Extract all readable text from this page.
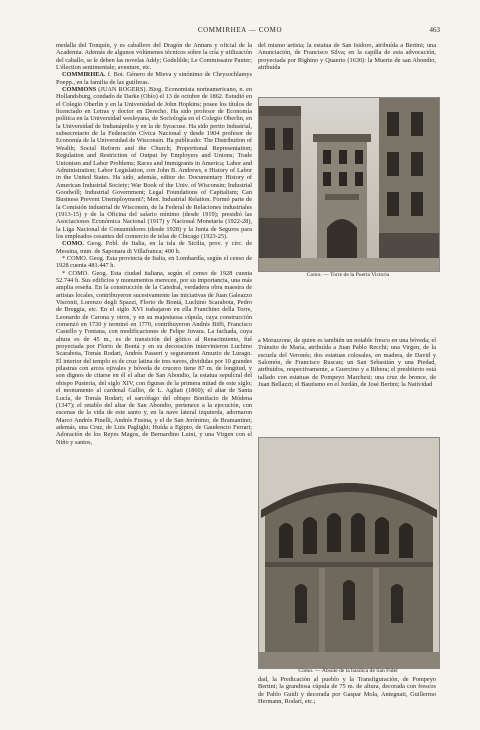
COMMIRHEA — COMO	463

medalla del Tonquín, y es caballero del Dragón de Annam y oficial de la Academia. Además de algunos volúmenes técnicos sobre la cría y utilización del caballo, se le deben las novelas Addy; Godelilde; Le Commissaire Panier; L'élection sentimentale; aventure, etc.

COMMIRHEA. f. Bot. Género de Mieva y sinónimo de Chrysochlamys Poepp., en la familia de las gutíferas.

COMMONS (JUAN ROGERS). Biog. Economista norteamericano, n. en Hollandsburg, condado de Darke (Ohío) el 13 de octubre de 1862. Estudió en el Colegio Oberlin y en la Universidad de John Hopkins; posee los títulos de licenciado en Letras y doctor en Derecho. Ha sido profesor de Economía política en la Universidad wesleyana, de Sociología en el Colegio Oberlin, en la Universidad de Indianápolis y en la de Syracuse. Ha sido perito industrial, subsecretario de la Federación Cívica Nacional y desde 1904 profesor de Economía de la Universidad de Wisconsin. Ha publicado: The Distribution of Wealth; Social Reform and the Church; Proportional Representation; Regulation and Restriction of Output by Employers and Unions; Trade Unionism and Labor Problems; Races and Immigrants in America; Labor and Administration; Labor Legislation, con John B. Andrews, e History of Labor in the United States. Ha sido, además, editor de: Documentary History of American Industrial Society; War Book of the Univ. of Wisconsin; Industrial Goodwill; Industrial Government; Legal Foundations of Capitalism; Can Business Prevent Unemployment?; Men. Industrial Relation. Formó parte de la Comisión industrial de Wisconsin, de la Federal de Relaciones industriales (1913-15) y de la Oficina del salario mínimo (desde 1919); presidió las Asociaciones Económica Nacional (1917) y Nacional Monetaria (1922-28), la Liga Nacional de Consumidores (desde 1928) y la Junta de Seguros para los empleados cesantes del comercio de telas de Chicago (1923-25).

COMO. Geog. Pobl. de Italia, en la isla de Sicilia, prov. y circ. de Messina, mun. de Saponara di Villafranca; 400 h.

* COMO. Geog. Esta provincia de Italia, en Lombardía, según el censo de 1928 cuenta 481.447 h.

* COMO. Geog. Esta ciudad italiana, según el censo de 1928 cuenta 52.744 h. Sus edificios y monumentos merecen, por su importancia, una más amplia reseña. En la construcción de la Catedral, verdadera obra maestra de artistas locales, contribuyeron sucesivamente las iniciativas de Juan Galeazzo Visconti, Lorenzo degli Spazzi, Florio de Bontá, Luchino Scarabota, Pedro de Breggia, etc. En el siglo XVI trabajaron en ella Franchino della Torre, Leonardo de Carona y otros, y en su majestuosa cúpula, cuya construcción comenzó en 1730 y terminó en 1770, contribuyeron Andrés Biffi, Francisco Castello y Fontana, con modificaciones de Felipe Juvara. La fachada, cuya altura es de 45 m., es de transición del gótico al Renacimiento, fué proyectada por Florio de Bontá y en su decoración intervinieron Luchino Scarabota, Tomás Rodari, Andrés Passeri y segurament Amuzio de Lurago. El interior del templo es de cruz latina de tres naves, divididas por 10 grandes pilastras con arcos ojivales y bóveda de crucero tiene 87 m. de longitud, y son dignos de citarse en él el altar de San Abondio, la estatua sepulcral del obispo Pusteria, del siglo XIV, con figuras de la primera mitad de este siglo; el monumento al cardenal Gallio, de L. Agliati (1860); el altar de Santa Lucía, de Tomás Rodari; el sarcófago del obispo Bonifacio de Módena (1347); el retablo del altar de San Abondio, pertenece a la ejecución, con escenas de la vida de este santo y, en la nave lateral izquierda, adornaron Marco Andrés Pinelli, Andrés Fusina, y el de San Jerónimo, de Bramantino; además, una Cruz, de Luis Paglighi; Huída a Egipto, de Gaudencio Ferrari; Adoración de los Reyes Magos, de Bernardino Luini, y una Virgen con el Niño y santos,

del mismo artista; la estatua de San Isidoro, atribuída a Bertini; una Anunciación, de Francisco Silva; en la capilla de esta advocación, proyectada por Righino y Quaerio (1630): la Muerte de san Abondio, atribuída

Como. — Torre de la Puerta Victoria

a Morazzone, de quien es también un notable fresco en una bóveda; el Tránsito de María, atribuída a Juan Pablo Recchi; una Virgen, de la escuela del Veronés; dos estatuas colosales, en madera, de David y Salomón, de Francisco Ruscau; un San Sebastián y una Piedad, atribuídos, respectivamente, a Guercino y a Ribera; el presbiterio está tallado con estatuas de Pompeyo Marchesi; una cruz de bronce, de Juan Bellazzi; el Bautismo en el Jordán, de José Bertini; la Natividad

Como. — Ábside de la basílica de San Fidel

dad, la Predicación al pueblo y la Transfiguración, de Pompeyo Bertini; la grandiosa cúpula de 75 m. de altura, decorada con frescos de Pablo Guidi y decorada por Gaspar Mola, Antegnati, Guillermo Hermann, Rodari, etc.;
